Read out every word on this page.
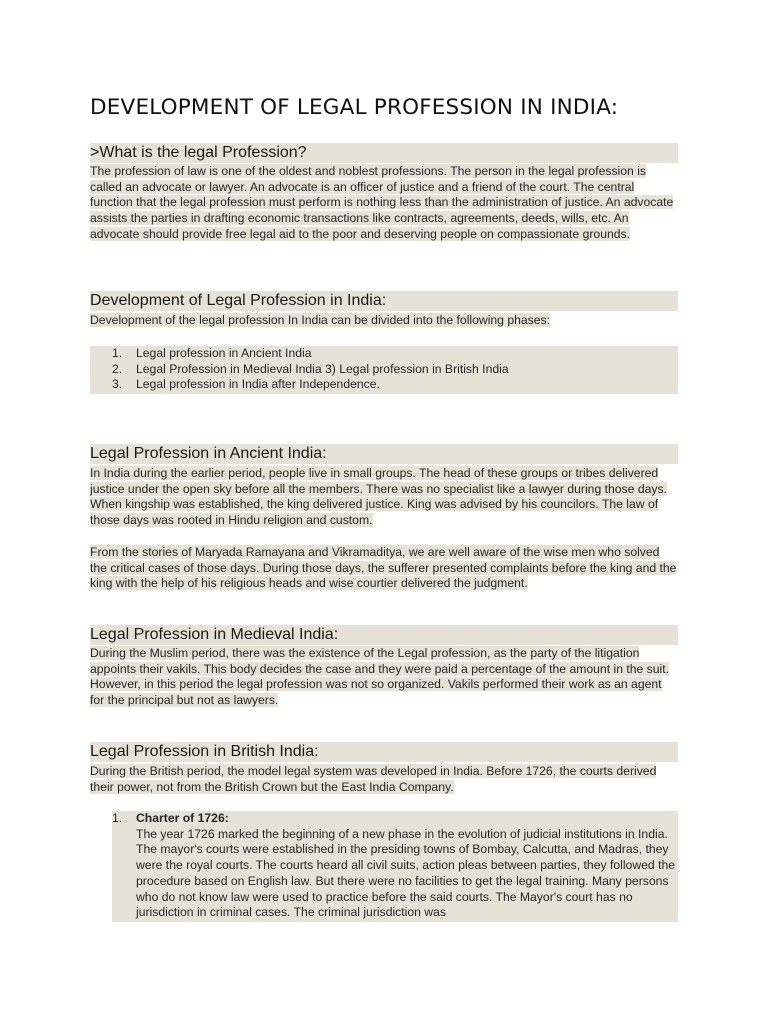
DEVELOPMENT OF LEGAL PROFESSION IN INDIA:
>What is the legal Profession?
The profession of law is one of the oldest and noblest professions. The person in the legal profession is called an advocate or lawyer. An advocate is an officer of justice and a friend of the court. The central function that the legal profession must perform is nothing less than the administration of justice. An advocate assists the parties in drafting economic transactions like contracts, agreements, deeds, wills, etc. An advocate should provide free legal aid to the poor and deserving people on compassionate grounds.
Development of Legal Profession in India:
Development of the legal profession In India can be divided into the following phases:
1. Legal profession in Ancient India
2. Legal Profession in Medieval India 3) Legal profession in British India
3. Legal profession in India after Independence.
Legal Profession in Ancient India:
In India during the earlier period, people live in small groups. The head of these groups or tribes delivered justice under the open sky before all the members. There was no specialist like a lawyer during those days. When kingship was established, the king delivered justice. King was advised by his councilors. The law of those days was rooted in Hindu religion and custom.
From the stories of Maryada Ramayana and Vikramaditya, we are well aware of the wise men who solved the critical cases of those days. During those days, the sufferer presented complaints before the king and the king with the help of his religious heads and wise courtier delivered the judgment.
Legal Profession in Medieval India:
During the Muslim period, there was the existence of the Legal profession, as the party of the litigation appoints their vakils. This body decides the case and they were paid a percentage of the amount in the suit. However, in this period the legal profession was not so organized. Vakils performed their work as an agent for the principal but not as lawyers.
Legal Profession in British India:
During the British period, the model legal system was developed in India. Before 1726, the courts derived their power, not from the British Crown but the East India Company.
1. Charter of 1726:
The year 1726 marked the beginning of a new phase in the evolution of judicial institutions in India. The mayor's courts were established in the presiding towns of Bombay, Calcutta, and Madras, they were the royal courts. The courts heard all civil suits, action pleas between parties, they followed the procedure based on English law. But there were no facilities to get the legal training. Many persons who do not know law were used to practice before the said courts. The Mayor's court has no jurisdiction in criminal cases. The criminal jurisdiction was
